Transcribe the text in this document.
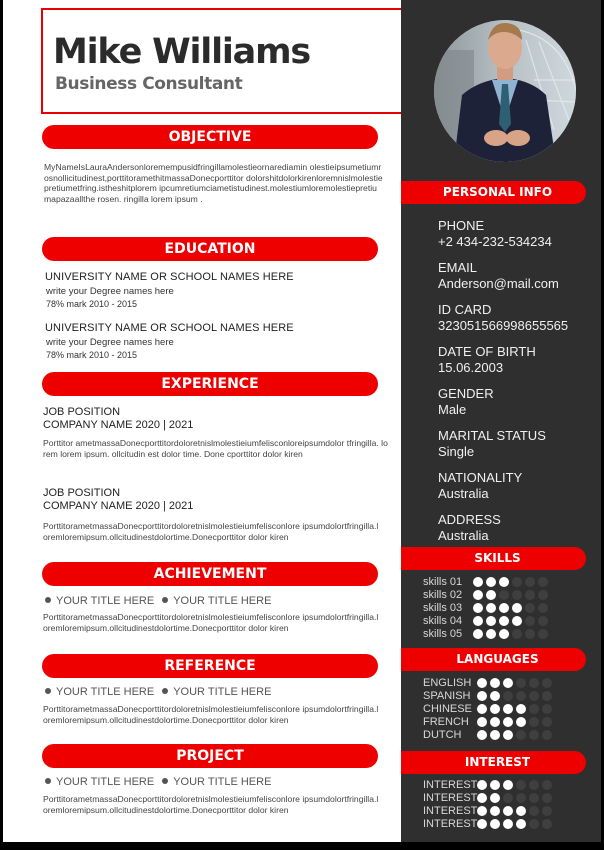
Mike Williams
Business Consultant
OBJECTIVE
MyNameIsLauraAndersonloremempusidfringillamolestieornarediamin olestieipsumetiumrosnollicitudinest,porttitoramethitmassaDonecporttitor dolorshitdolorkirenloremnislmolestiepretiumetfring.istheshitplorem ipcumretiumciametistudinest.molestiumloremolestiepretiumapazaallthe rosen. ringilla lorem ipsum .
EDUCATION
UNIVERSITY NAME OR SCHOOL NAMES HERE
write your Degree names here
78% mark 2010 - 2015
UNIVERSITY NAME OR SCHOOL NAMES HERE
write your Degree names here
78% mark 2010 - 2015
EXPERIENCE
JOB POSITION
COMPANY NAME 2020 | 2021
Porttitor ametmassaDonecporttitordoloretnislmolestieiumfelisconloreipsumdolor tfringilla. lorem lorem ipsum. ollcitudin est dolor time. Done cporttitor dolor kiren
JOB POSITION
COMPANY NAME 2020 | 2021
PorttitorametmassaDonecporttitordoloretnislmolestieiumfelisconlore ipsumdolortfringilla.loremloremipsum.ollcitudinestdolortime.Donecporttitor dolor kiren
ACHIEVEMENT
YOUR TITLE HERE	YOUR TITLE HERE
PorttitorametmassaDonecporttitordoloretnislmolestieiumfelisconlore ipsumdolortfringilla.loremloremipsum.ollcitudinestdolortime.Donecporttitor dolor kiren
REFERENCE
YOUR TITLE HERE	YOUR TITLE HERE
PorttitorametmassaDonecporttitordoloretnislmolestieiumfelisconlore ipsumdolortfringilla.loremloremipsum.ollcitudinestdolortime.Donecporttitor dolor kiren
PROJECT
YOUR TITLE HERE	YOUR TITLE HERE
PorttitorametmassaDonecporttitordoloretnislmolestieiumfelisconlore ipsumdolortfringilla.loremloremipsum.ollcitudinestdolortime.Donecporttitor dolor kiren
PERSONAL INFO
PHONE
+2 434-232-534234
EMAIL
Anderson@mail.com
ID CARD
323051566998655565
DATE OF BIRTH
15.06.2003
GENDER
Male
MARITAL STATUS
Single
NATIONALITY
Australia
ADDRESS
Australia
SKILLS
skills 01
skills 02
skills 03
skills 04
skills 05
LANGUAGES
ENGLISH
SPANISH
CHINESE
FRENCH
DUTCH
INTEREST
INTEREST
INTEREST
INTEREST
INTEREST
